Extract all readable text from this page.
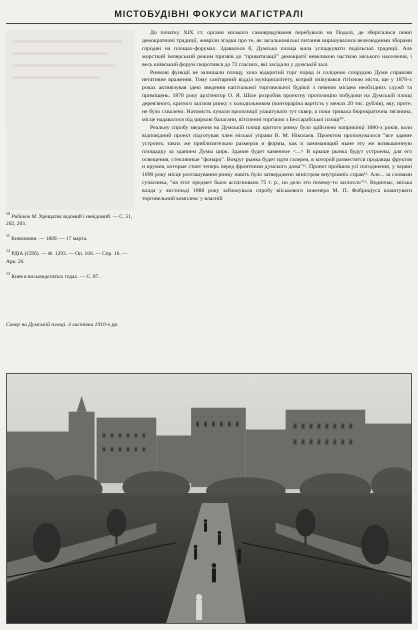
МІСТОБУДІВНІ ФОКУСИ МАГІСТРАЛІ

$^{10}$ Рибаков М. Хрещатик відомий і невідомий. — С. 51, 202, 203.

$^{11}$ Киевлянин. — 1889. — 17 марта.

$^{12}$ РДІА (СПб). — Ф. 1293. — Оп. 166. — Спр. 16. — Арк. 26.

$^{13}$ Киев в восьмидесятых годах. — С. 87.

Сквер на Думській площі. З листівки 1910-х рр.

До початку XIX ст. органи міського самоврядування перебували на Подолі, де зберігалися певні демократичні традиції, жевріли згадки про те, як загальноміські питання вирішувалися велелюдними зборами городян на площах-форумах. Здавалося б, Думська площа мала успадкувати подільські традиції. Але жорсткий імперський режим призвів до "приватизації" демократії невеликою часткою міського населення, і весь київський форум скоротився до 72 гласних, які засідали у думській залі.

Ринкові функції не залишали площу, хоча відкритий торг поряд із солідною спорудою Думи справляв негативне враження. Тому санітарний відділ муніципалітету, котрий опікувався гігієною міста, ще у 1870-х роках активізував ідею зведення капітальної торговельної будівлі з певним місцем необхідних служб та приміщень. 1878 року архітектор О. Я. Шіле розробив проектну пропозицію побудови на Думській площі дерев'яного, критого залізом ринку з холодильником (контораріна вартість у межах 20 тис. рублів), яку, проте, не було схвалено. Натомість лунали пропозиції улаштувати тут сквер, а поки тривала бюрократична тяганина, місце надавалося під циркові балагани, вітспенні торгівлю з Бессарабської площі¹⁰.

Реальну спробу зведення на Думській площі критого ринку було здійснено наприкінці 1880-х років, коли відповідний проект підготував член міської управи В. М. Ніколаєв. Проектом пропонувалося "все здание устроить таких же приблизительно размеров и формы, как и занимающий ныне эту же возвышенную площадку за зданием Думы цирк. Здание будет каменное <...> В крыше рынка будут устроены, для его освещения, стеклянные "фонари". Вокруг рынка будет идти галерея, в которой разместятся продавцы фруктов и кружев, которые стоят теперь перед фронтоном думского дома"¹¹. Проект пройшов усі погодження, у червні 1890 року місце розташування ринку навіть було затверджено міністром внутрішніх справ¹². Але... за словами сучасника, "на этот предмет было ассигновано 75 т. р., но дело это почему-то заглохло"¹³. Водночас, міська влада у листопаді 1888 року заблокувала спробу віїськового інженера М. П. Фабриціуса влаштувати торговельний комплекс у власній
